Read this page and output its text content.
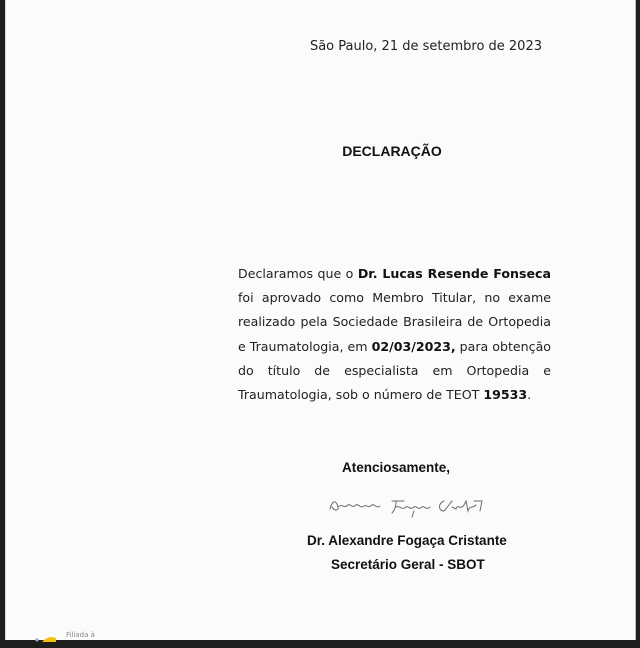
São Paulo, 21 de setembro de 2023
DECLARAÇÃO
Declaramos que o Dr. Lucas Resende Fonseca foi aprovado como Membro Titular, no exame realizado pela Sociedade Brasileira de Ortopedia e Traumatologia, em 02/03/2023, para obtenção do título de especialista em Ortopedia e Traumatologia, sob o número de TEOT 19533.
Atenciosamente,
Dr. Alexandre Fogaça Cristante
Secretário Geral - SBOT
Filiada à
